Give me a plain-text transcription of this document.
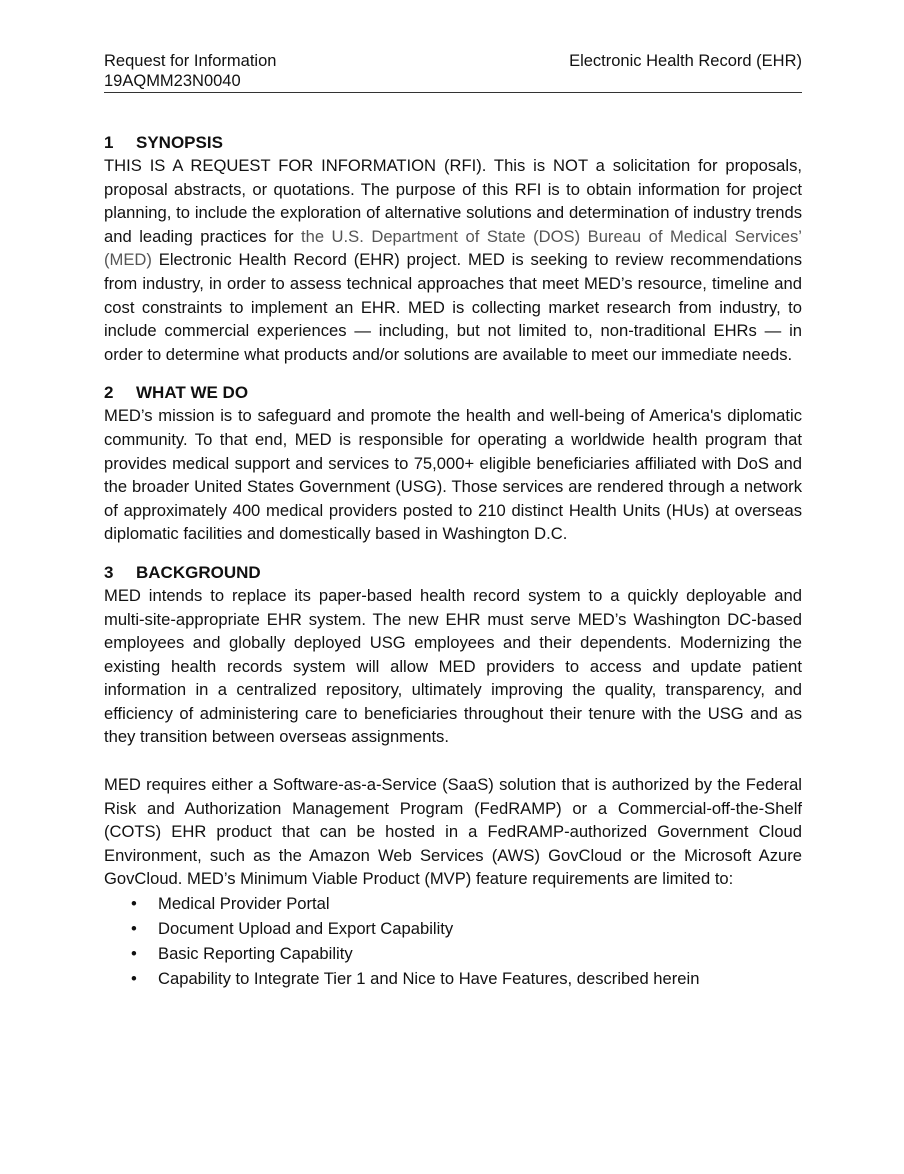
Request for Information
19AQMM23N0040
Electronic Health Record (EHR)
1 SYNOPSIS

THIS IS A REQUEST FOR INFORMATION (RFI). This is NOT a solicitation for proposals, proposal abstracts, or quotations. The purpose of this RFI is to obtain information for project planning, to include the exploration of alternative solutions and determination of industry trends and leading practices for the U.S. Department of State (DOS) Bureau of Medical Services’ (MED) Electronic Health Record (EHR) project. MED is seeking to review recommendations from industry, in order to assess technical approaches that meet MED’s resource, timeline and cost constraints to implement an EHR. MED is collecting market research from industry, to include commercial experiences — including, but not limited to, non-traditional EHRs — in order to determine what products and/or solutions are available to meet our immediate needs.

2 WHAT WE DO

MED’s mission is to safeguard and promote the health and well-being of America's diplomatic community. To that end, MED is responsible for operating a worldwide health program that provides medical support and services to 75,000+ eligible beneficiaries affiliated with DoS and the broader United States Government (USG). Those services are rendered through a network of approximately 400 medical providers posted to 210 distinct Health Units (HUs) at overseas diplomatic facilities and domestically based in Washington D.C.

3 BACKGROUND

MED intends to replace its paper-based health record system to a quickly deployable and multi-site-appropriate EHR system. The new EHR must serve MED’s Washington DC-based employees and globally deployed USG employees and their dependents. Modernizing the existing health records system will allow MED providers to access and update patient information in a centralized repository, ultimately improving the quality, transparency, and efficiency of administering care to beneficiaries throughout their tenure with the USG and as they transition between overseas assignments.

MED requires either a Software-as-a-Service (SaaS) solution that is authorized by the Federal Risk and Authorization Management Program (FedRAMP) or a Commercial-off-the-Shelf (COTS) EHR product that can be hosted in a FedRAMP-authorized Government Cloud Environment, such as the Amazon Web Services (AWS) GovCloud or the Microsoft Azure GovCloud. MED’s Minimum Viable Product (MVP) feature requirements are limited to:

• Medical Provider Portal
• Document Upload and Export Capability
• Basic Reporting Capability
• Capability to Integrate Tier 1 and Nice to Have Features, described herein
